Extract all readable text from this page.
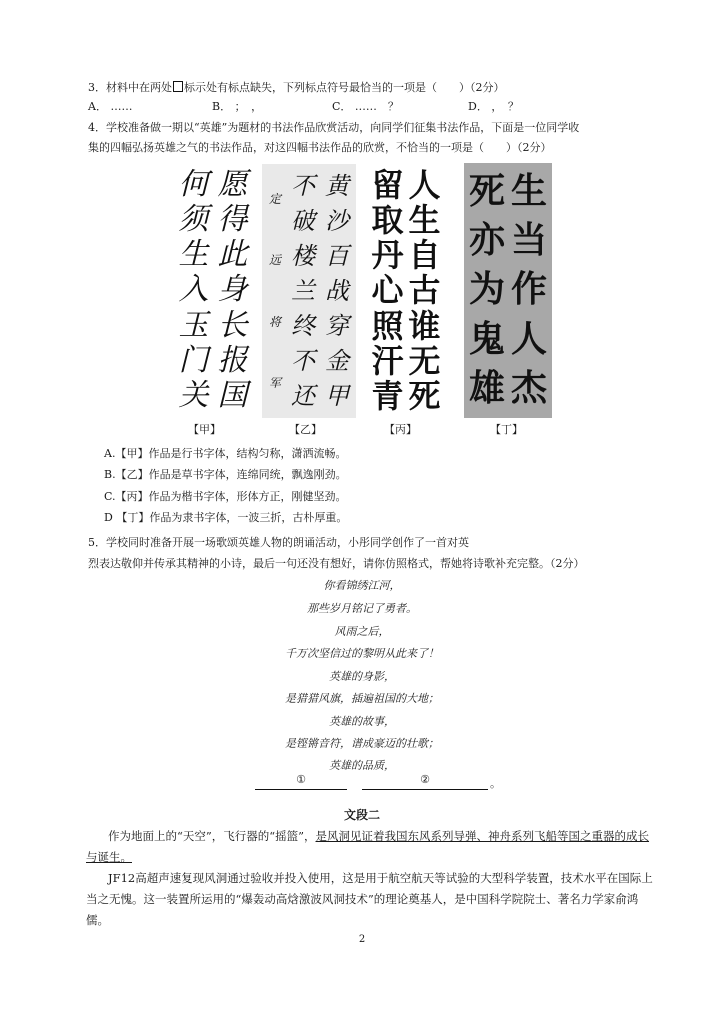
3．材料中在两处 标示处有标点缺失，下列标点符号最恰当的一项是（　　）（2分）
A． ……	B． ；　，	C． ……　？	D． ，　？
4．学校准备做一期以“英雄”为题材的书法作品欣赏活动，向同学们征集书法作品，下面是一位同学收
集的四幅弘扬英雄之气的书法作品，对这四幅书法作品的欣赏，不恰当的一项是（　　）（2分）
愿
得
此
身
长
报
国
何
须
生
入
玉
门
关
【甲】
黄
沙
百
战
穿
金
甲
不
破
楼
兰
终
不
还
定
远
将
军
【乙】
人
生
自
古
谁
无
死
留
取
丹
心
照
汗
青
【丙】
生
当
作
人
杰
死
亦
为
鬼
雄
【丁】
A.【甲】作品是行书字体，结构匀称，潇洒流畅。
B.【乙】作品是草书字体，连绵同统，飘逸刚劲。
C.【丙】作品为楷书字体，形体方正，刚健坚劲。
D 【丁】作品为隶书字体，一波三折，古朴厚重。
5．学校同时准备开展一场歌颂英雄人物的朗诵活动，小彤同学创作了一首对英
烈表达敬仰并传承其精神的小诗，最后一句还没有想好，请你仿照格式，帮她将诗歌补充完整。（2分）
你看锦绣江河，
那些岁月铭记了勇者。
风雨之后，
千万次坚信过的黎明从此来了！
英雄的身影，
是猎猎风旗，插遍祖国的大地；
英雄的故事，
是铿锵音符，谱成豪迈的壮歌；
英雄的品质，
①	②	。
文段二
作为地面上的“天空”，飞行器的“摇篮”，是风洞见证着我国东风系列导弹、神舟系列飞船等国之重器的成长与诞生。
JF12高超声速复现风洞通过验收并投入使用，这是用于航空航天等试验的大型科学装置，技术水平在国际上当之无愧。这一装置所运用的“爆轰动高焓激波风洞技术”的理论奠基人，是中国科学院院士、著名力学家俞鸿儒。
2
